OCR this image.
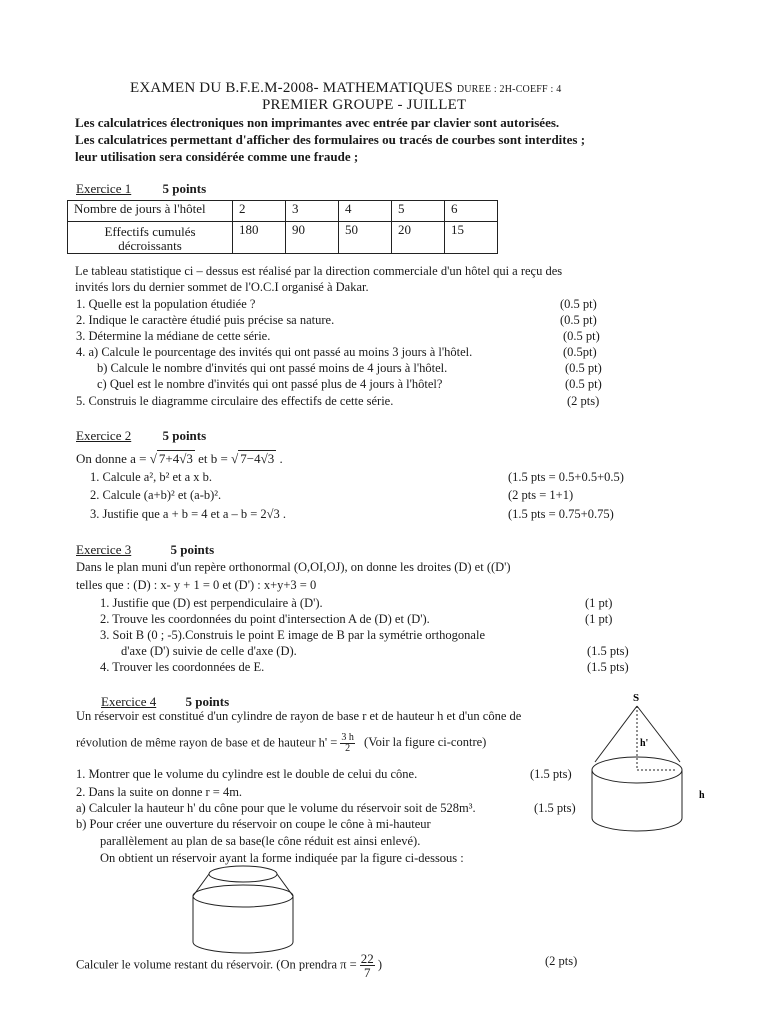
EXAMEN DU B.F.E.M-2008- MATHEMATIQUES DUREE : 2H-COEFF : 4
PREMIER GROUPE - JUILLET
Les calculatrices électroniques non imprimantes avec entrée par clavier sont autorisées.
Les calculatrices permettant d'afficher des formulaires ou tracés de courbes sont interdites ;
leur utilisation sera considérée comme une fraude ;
Exercice 1 5 points
Nombre de jours à l'hôtel	2	3	4	5	6
Effectifs cumulés décroissants	180	90	50	20	15
Le tableau statistique ci – dessus est réalisé par la direction commerciale d'un hôtel qui a reçu des
invités lors du dernier sommet de l'O.C.I organisé à Dakar.
1. Quelle est la population étudiée ?	(0.5 pt)
2. Indique le caractère étudié puis précise sa nature.	(0.5 pt)
3. Détermine la médiane de cette série.	(0.5 pt)
4. a) Calcule le pourcentage des invités qui ont passé au moins 3 jours à l'hôtel.	(0.5pt)
b) Calcule le nombre d'invités qui ont passé moins de 4 jours à l'hôtel.	(0.5 pt)
c) Quel est le nombre d'invités qui ont passé plus de 4 jours à l'hôtel?	(0.5 pt)
5. Construis le diagramme circulaire des effectifs de cette série.	(2 pts)
Exercice 2 5 points
On donne a = √ 7+4√3 et b = √ 7−4√3 .
1. Calcule a², b² et a x b.	(1.5 pts = 0.5+0.5+0.5)
2. Calcule (a+b)² et (a-b)².	(2 pts = 1+1)
3. Justifie que a + b = 4 et a – b = 2√3 .	(1.5 pts = 0.75+0.75)
Exercice 3	5 points
Dans le plan muni d'un repère orthonormal (O,OI,OJ), on donne les droites (D) et ((D')
telles que : (D) : x- y + 1 = 0 et (D') : x+y+3 = 0
1. Justifie que (D) est perpendiculaire à (D').	(1 pt)
2. Trouve les coordonnées du point d'intersection A de (D) et (D').	(1 pt)
3. Soit B (0 ; -5).Construis le point E image de B par la symétrie orthogonale
d'axe (D') suivie de celle d'axe (D).	(1.5 pts)
4. Trouver les coordonnées de E.	(1.5 pts)
Exercice 4 5 points
Un réservoir est constitué d'un cylindre de rayon de base r et de hauteur h et d'un cône de
révolution de même rayon de base et de hauteur $h' = \frac{3 h}{2}$ (Voir la figure ci-contre)
1. Montrer que le volume du cylindre est le double de celui du cône.	(1.5 pts)
2. Dans la suite on donne r = 4m.
a) Calculer la hauteur h' du cône pour que le volume du réservoir soit de 528m³.	(1.5 pts)
b) Pour créer une ouverture du réservoir on coupe le cône à mi-hauteur
parallèlement au plan de sa base(le cône réduit est ainsi enlevé).
On obtient un réservoir ayant la forme indiquée par la figure ci-dessous :
S
h'
h
Calculer le volume restant du réservoir. (On prendra $\pi = \frac{22}{7}$ )	(2 pts)
